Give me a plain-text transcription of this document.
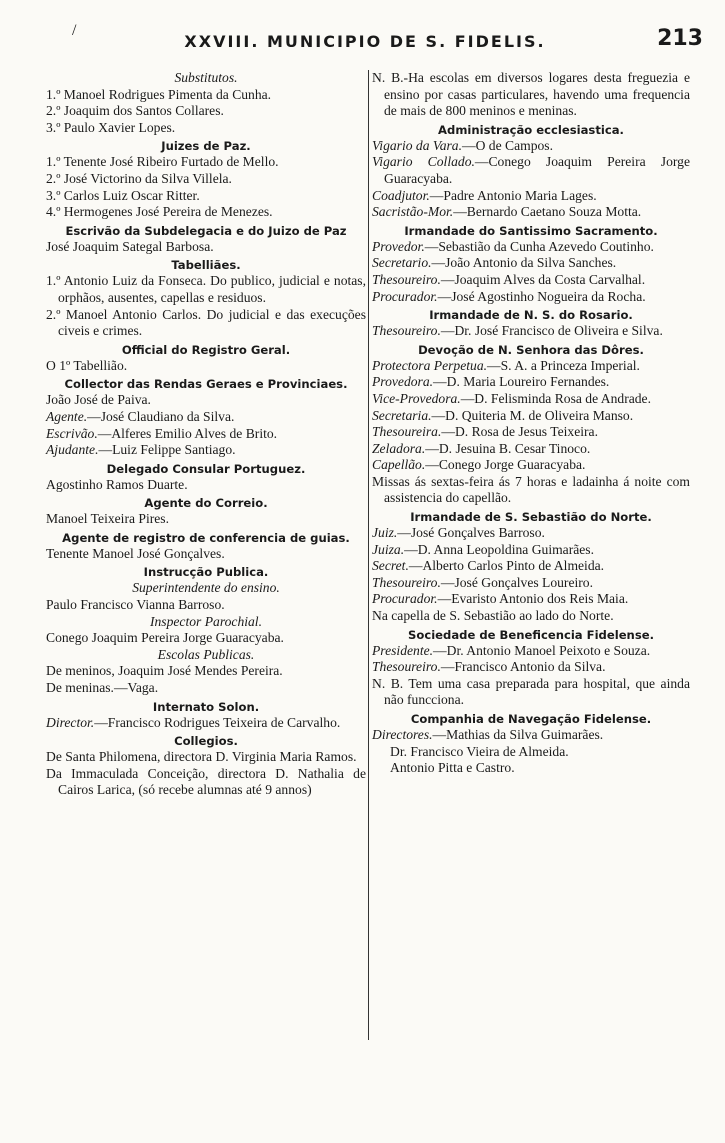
/
XXVIII. MUNICIPIO DE S. FIDELIS.	213
Substitutos.
1.º Manoel Rodrigues Pimenta da Cunha.
2.º Joaquim dos Santos Collares.
3.º Paulo Xavier Lopes.
Juizes de Paz.
1.º Tenente José Ribeiro Furtado de Mello.
2.º José Victorino da Silva Villela.
3.º Carlos Luiz Oscar Ritter.
4.º Hermogenes José Pereira de Menezes.
Escrivão da Subdelegacia e do Juizo de Paz
José Joaquim Sategal Barbosa.
Tabelliães.
1.º Antonio Luiz da Fonseca. Do publico, judicial e notas, orphãos, ausentes, capellas e residuos.
2.º Manoel Antonio Carlos. Do judicial e das execuções civeis e crimes.
Official do Registro Geral.
O 1º Tabellião.
Collector das Rendas Geraes e Provinciaes.
João José de Paiva.
Agente.—José Claudiano da Silva.
Escrivão.—Alferes Emilio Alves de Brito.
Ajudante.—Luiz Felippe Santiago.
Delegado Consular Portuguez.
Agostinho Ramos Duarte.
Agente do Correio.
Manoel Teixeira Pires.
Agente de registro de conferencia de guias.
Tenente Manoel José Gonçalves.
Instrucção Publica.
Superintendente do ensino.
Paulo Francisco Vianna Barroso.
Inspector Parochial.
Conego Joaquim Pereira Jorge Guaracyaba.
Escolas Publicas.
De meninos, Joaquim José Mendes Pereira.
De meninas.—Vaga.
Internato Solon.
Director.—Francisco Rodrigues Teixeira de Carvalho.
Collegios.
De Santa Philomena, directora D. Virginia Maria Ramos.
Da Immaculada Conceição, directora D. Nathalia de Cairos Larica, (só recebe alumnas até 9 annos)
N. B.-Ha escolas em diversos logares desta freguezia e ensino por casas particulares, havendo uma frequencia de mais de 800 meninos e meninas.
Administração ecclesiastica.
Vigario da Vara.—O de Campos.
Vigario Collado.—Conego Joaquim Pereira Jorge Guaracyaba.
Coadjutor.—Padre Antonio Maria Lages.
Sacristão-Mor.—Bernardo Caetano Souza Motta.
Irmandade do Santissimo Sacramento.
Provedor.—Sebastião da Cunha Azevedo Coutinho.
Secretario.—João Antonio da Silva Sanches.
Thesoureiro.—Joaquim Alves da Costa Carvalhal.
Procurador.—José Agostinho Nogueira da Rocha.
Irmandade de N. S. do Rosario.
Thesoureiro.—Dr. José Francisco de Oliveira e Silva.
Devoção de N. Senhora das Dôres.
Protectora Perpetua.—S. A. a Princeza Imperial.
Provedora.—D. Maria Loureiro Fernandes.
Vice-Provedora.—D. Felisminda Rosa de Andrade.
Secretaria.—D. Quiteria M. de Oliveira Manso.
Thesoureira.—D. Rosa de Jesus Teixeira.
Zeladora.—D. Jesuina B. Cesar Tinoco.
Capellão.—Conego Jorge Guaracyaba.
Missas ás sextas-feira ás 7 horas e ladainha á noite com assistencia do capellão.
Irmandade de S. Sebastião do Norte.
Juiz.—José Gonçalves Barroso.
Juiza.—D. Anna Leopoldina Guimarães.
Secret.—Alberto Carlos Pinto de Almeida.
Thesoureiro.—José Gonçalves Loureiro.
Procurador.—Evaristo Antonio dos Reis Maia.
Na capella de S. Sebastião ao lado do Norte.
Sociedade de Beneficencia Fidelense.
Presidente.—Dr. Antonio Manoel Peixoto e Souza.
Thesoureiro.—Francisco Antonio da Silva.
N. B. Tem uma casa preparada para hospital, que ainda não funcciona.
Companhia de Navegação Fidelense.
Directores.—Mathias da Silva Guimarães.
Dr. Francisco Vieira de Almeida.
Antonio Pitta e Castro.
